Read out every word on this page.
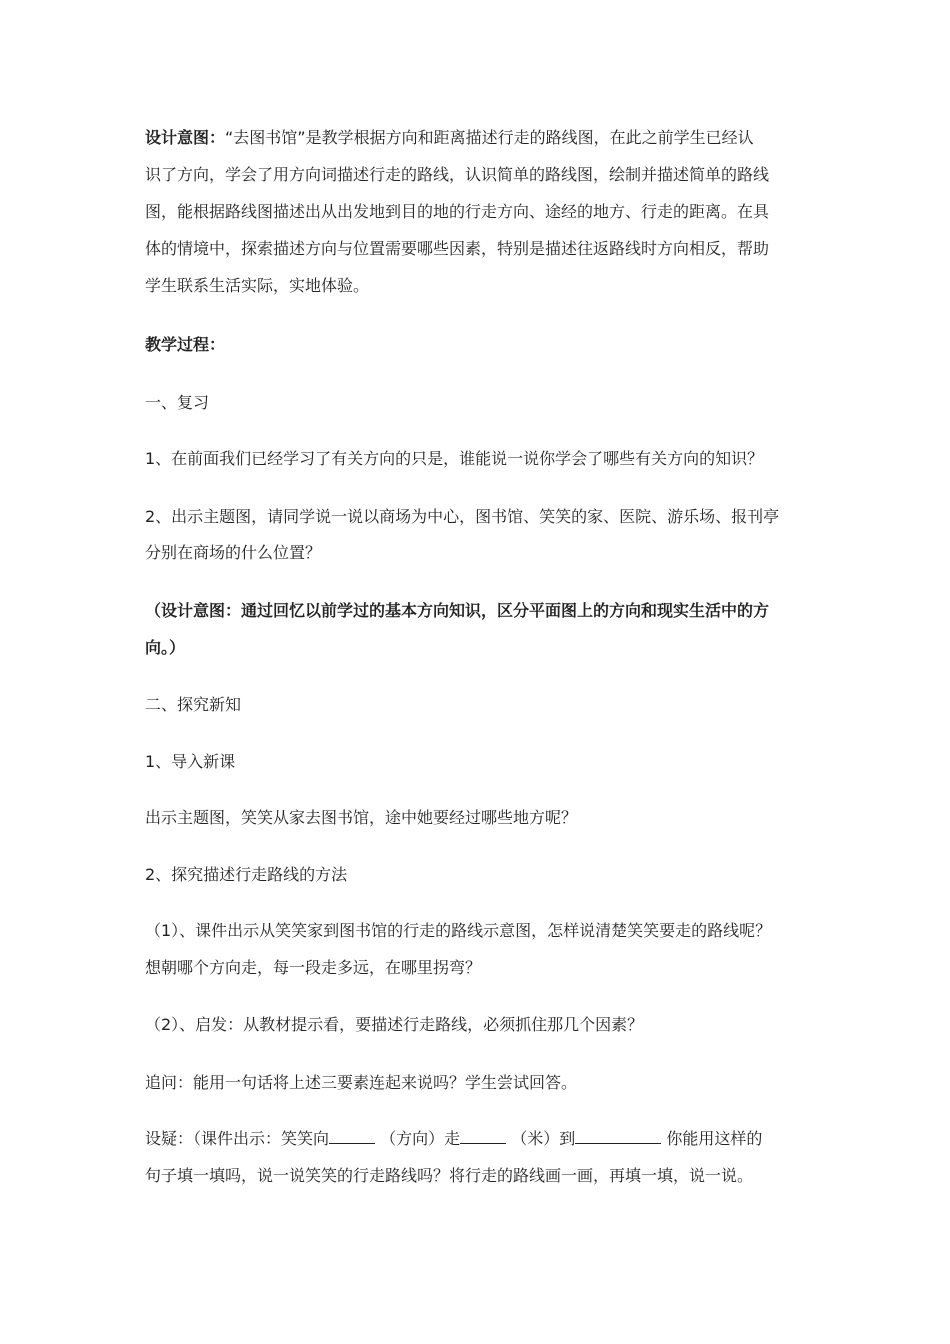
设计意图：“去图书馆”是教学根据方向和距离描述行走的路线图，在此之前学生已经认
识了方向，学会了用方向词描述行走的路线，认识简单的路线图，绘制并描述简单的路线
图，能根据路线图描述出从出发地到目的地的行走方向、途经的地方、行走的距离。在具
体的情境中，探索描述方向与位置需要哪些因素，特别是描述往返路线时方向相反，帮助
学生联系生活实际，实地体验。
教学过程：
一、复习
1、在前面我们已经学习了有关方向的只是，谁能说一说你学会了哪些有关方向的知识？
2、出示主题图，请同学说一说以商场为中心，图书馆、笑笑的家、医院、游乐场、报刊亭
分别在商场的什么位置？
（设计意图：通过回忆以前学过的基本方向知识，区分平面图上的方向和现实生活中的方
向。）
二、探究新知
1、导入新课
出示主题图，笑笑从家去图书馆，途中她要经过哪些地方呢？
2、探究描述行走路线的方法
（1）、课件出示从笑笑家到图书馆的行走的路线示意图，怎样说清楚笑笑要走的路线呢？
想朝哪个方向走，每一段走多远，在哪里拐弯？
（2）、启发：从教材提示看，要描述行走路线，必须抓住那几个因素？
追问：能用一句话将上述三要素连起来说吗？学生尝试回答。
设疑：（课件出示：笑笑向	（方向）走	（米）到	你能用这样的
句子填一填吗，说一说笑笑的行走路线吗？将行走的路线画一画，再填一填，说一说。
